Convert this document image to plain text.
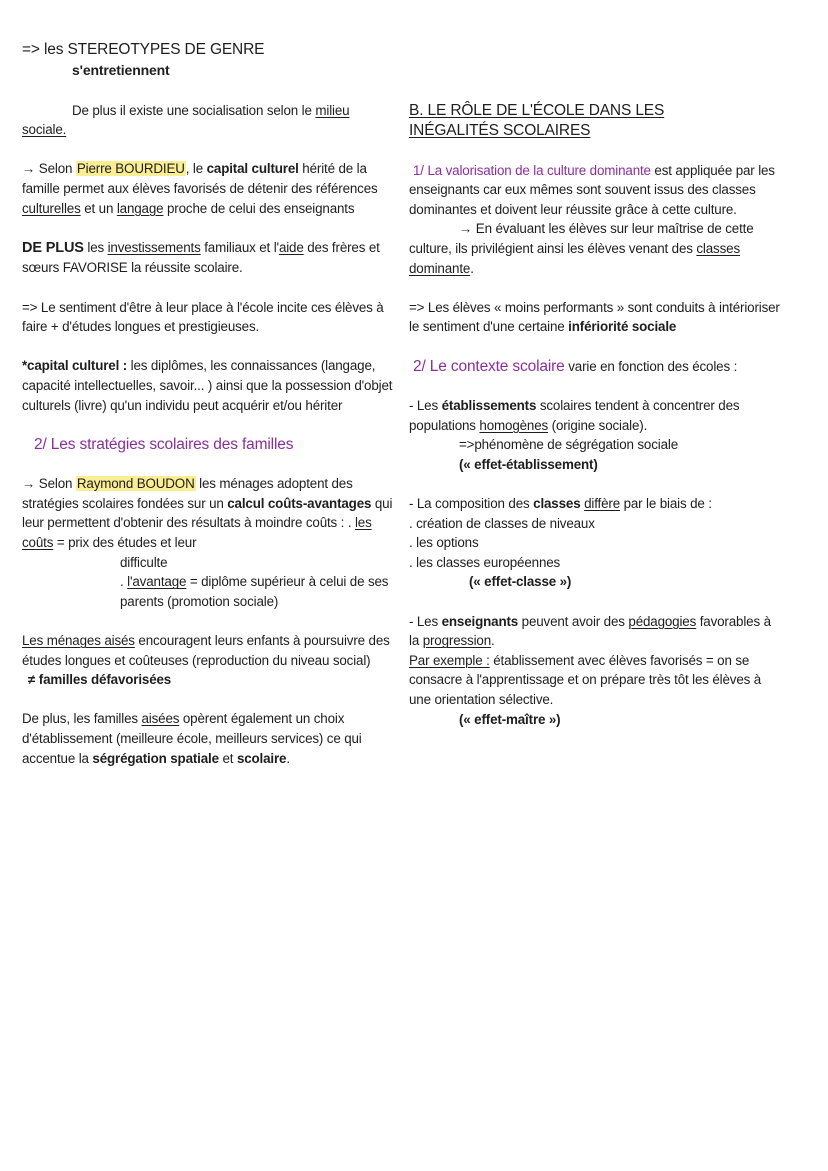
=> les STEREOTYPES DE GENRE

s'entretiennent

De plus il existe une socialisation selon le milieu
sociale.

→ Selon Pierre BOURDIEU, le capital culturel hérité de la famille permet aux élèves favorisés de détenir des références culturelles et un langage proche de celui des enseignants

DE PLUS les investissements familiaux et l'aide des frères et sœurs FAVORISE la réussite scolaire.

=> Le sentiment d'être à leur place à l'école incite ces élèves à faire + d'études longues et prestigieuses.

*capital culturel : les diplômes, les connaissances (langage, capacité intellectuelles, savoir... ) ainsi que la possession d'objet culturels (livre) qu'un individu peut acquérir et/ou hériter

2/ Les stratégies scolaires des familles

→ Selon Raymond BOUDON les ménages adoptent des stratégies scolaires fondées sur un calcul coûts-avantages qui leur permettent d'obtenir des résultats à moindre coûts : . les coûts = prix des études et leur

difficulte

. l'avantage = diplôme supérieur à celui de ses parents (promotion sociale)

Les ménages aisés encouragent leurs enfants à poursuivre des études longues et coûteuses (reproduction du niveau social)

≠ familles défavorisées

De plus, les familles aisées opèrent également un choix d'établissement (meilleure école, meilleurs services) ce qui accentue la ségrégation spatiale et scolaire.

B. LE RÔLE DE L'ÉCOLE DANS LES INÉGALITÉS SCOLAIRES

1/ La valorisation de la culture dominante est appliquée par les enseignants car eux mêmes sont souvent issus des classes dominantes et doivent leur réussite grâce à cette culture.

→ En évaluant les élèves sur leur maîtrise de cette culture, ils privilégient ainsi les élèves venant des classes dominante.

=> Les élèves « moins performants » sont conduits à intérioriser le sentiment d'une certaine infériorité sociale

2/ Le contexte scolaire varie en fonction des écoles :

- Les établissements scolaires tendent à concentrer des populations homogènes (origine sociale).

=>phénomène de ségrégation sociale

(« effet-établissement)

- La composition des classes diffère par le biais de :

. création de classes de niveaux

. les options

. les classes européennes

(« effet-classe »)

- Les enseignants peuvent avoir des pédagogies favorables à la progression.

Par exemple : établissement avec élèves favorisés = on se consacre à l'apprentissage et on prépare très tôt les élèves à une orientation sélective.

(« effet-maître »)
